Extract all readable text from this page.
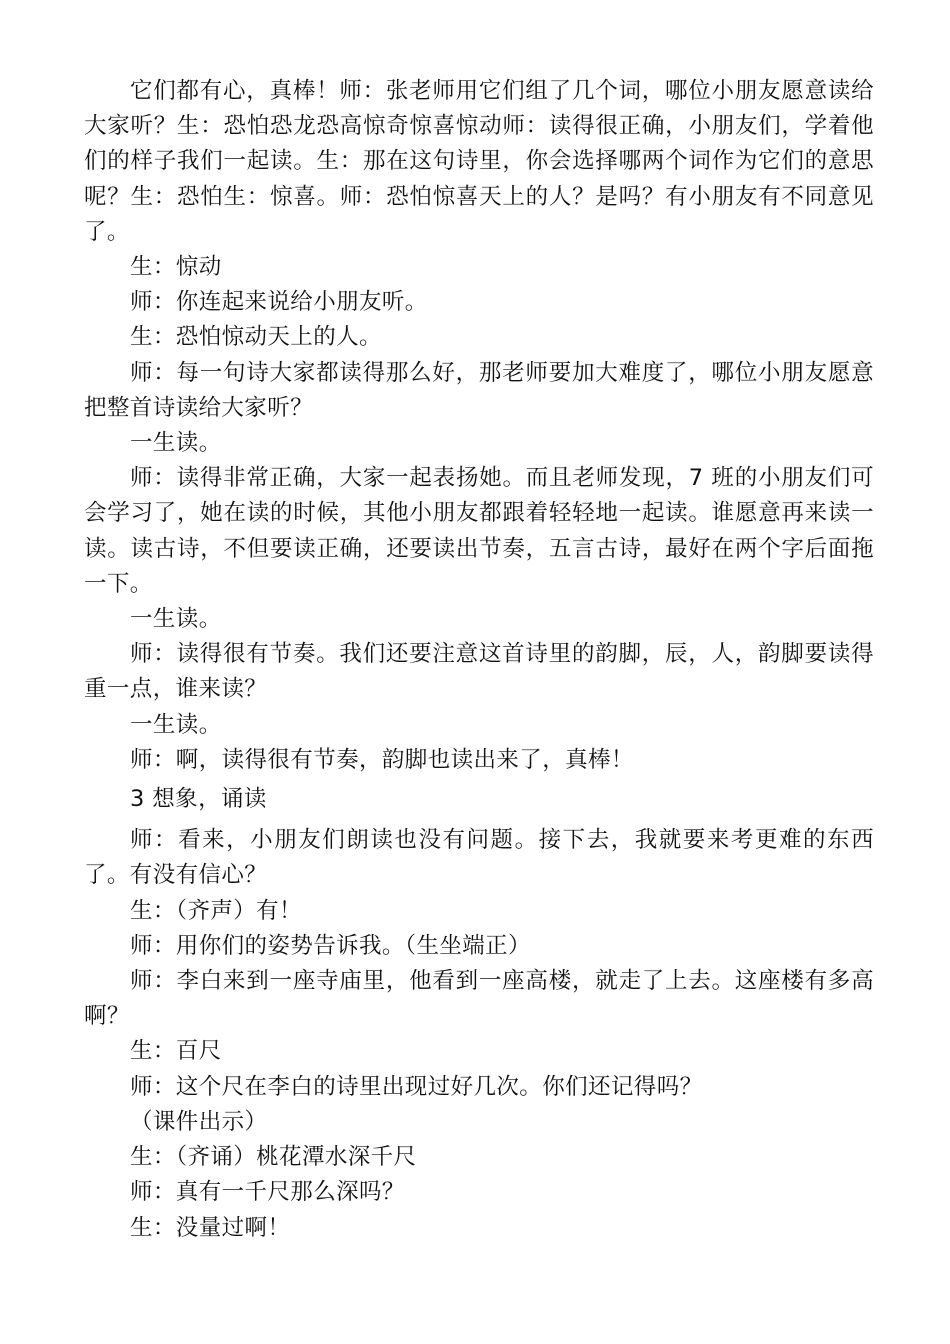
它们都有心，真棒！师：张老师用它们组了几个词，哪位小朋友愿意读给大家听？生：恐怕恐龙恐高惊奇惊喜惊动师：读得很正确，小朋友们，学着他们的样子我们一起读。生：那在这句诗里，你会选择哪两个词作为它们的意思呢？生：恐怕生：惊喜。师：恐怕惊喜天上的人？是吗？有小朋友有不同意见了。

生：惊动

师：你连起来说给小朋友听。

生：恐怕惊动天上的人。

师：每一句诗大家都读得那么好，那老师要加大难度了，哪位小朋友愿意把整首诗读给大家听？

一生读。

师：读得非常正确，大家一起表扬她。而且老师发现，7 班的小朋友们可会学习了，她在读的时候，其他小朋友都跟着轻轻地一起读。谁愿意再来读一读。读古诗，不但要读正确，还要读出节奏，五言古诗，最好在两个字后面拖一下。

一生读。

师：读得很有节奏。我们还要注意这首诗里的韵脚，辰，人，韵脚要读得重一点，谁来读？

一生读。

师：啊，读得很有节奏，韵脚也读出来了，真棒！

3 想象，诵读

师：看来，小朋友们朗读也没有问题。接下去，我就要来考更难的东西了。有没有信心？

生：（齐声）有！

师：用你们的姿势告诉我。（生坐端正）

师：李白来到一座寺庙里，他看到一座高楼，就走了上去。这座楼有多高啊？

生：百尺

师：这个尺在李白的诗里出现过好几次。你们还记得吗？

（课件出示）

生：（齐诵）桃花潭水深千尺

师：真有一千尺那么深吗？

生：没量过啊！
